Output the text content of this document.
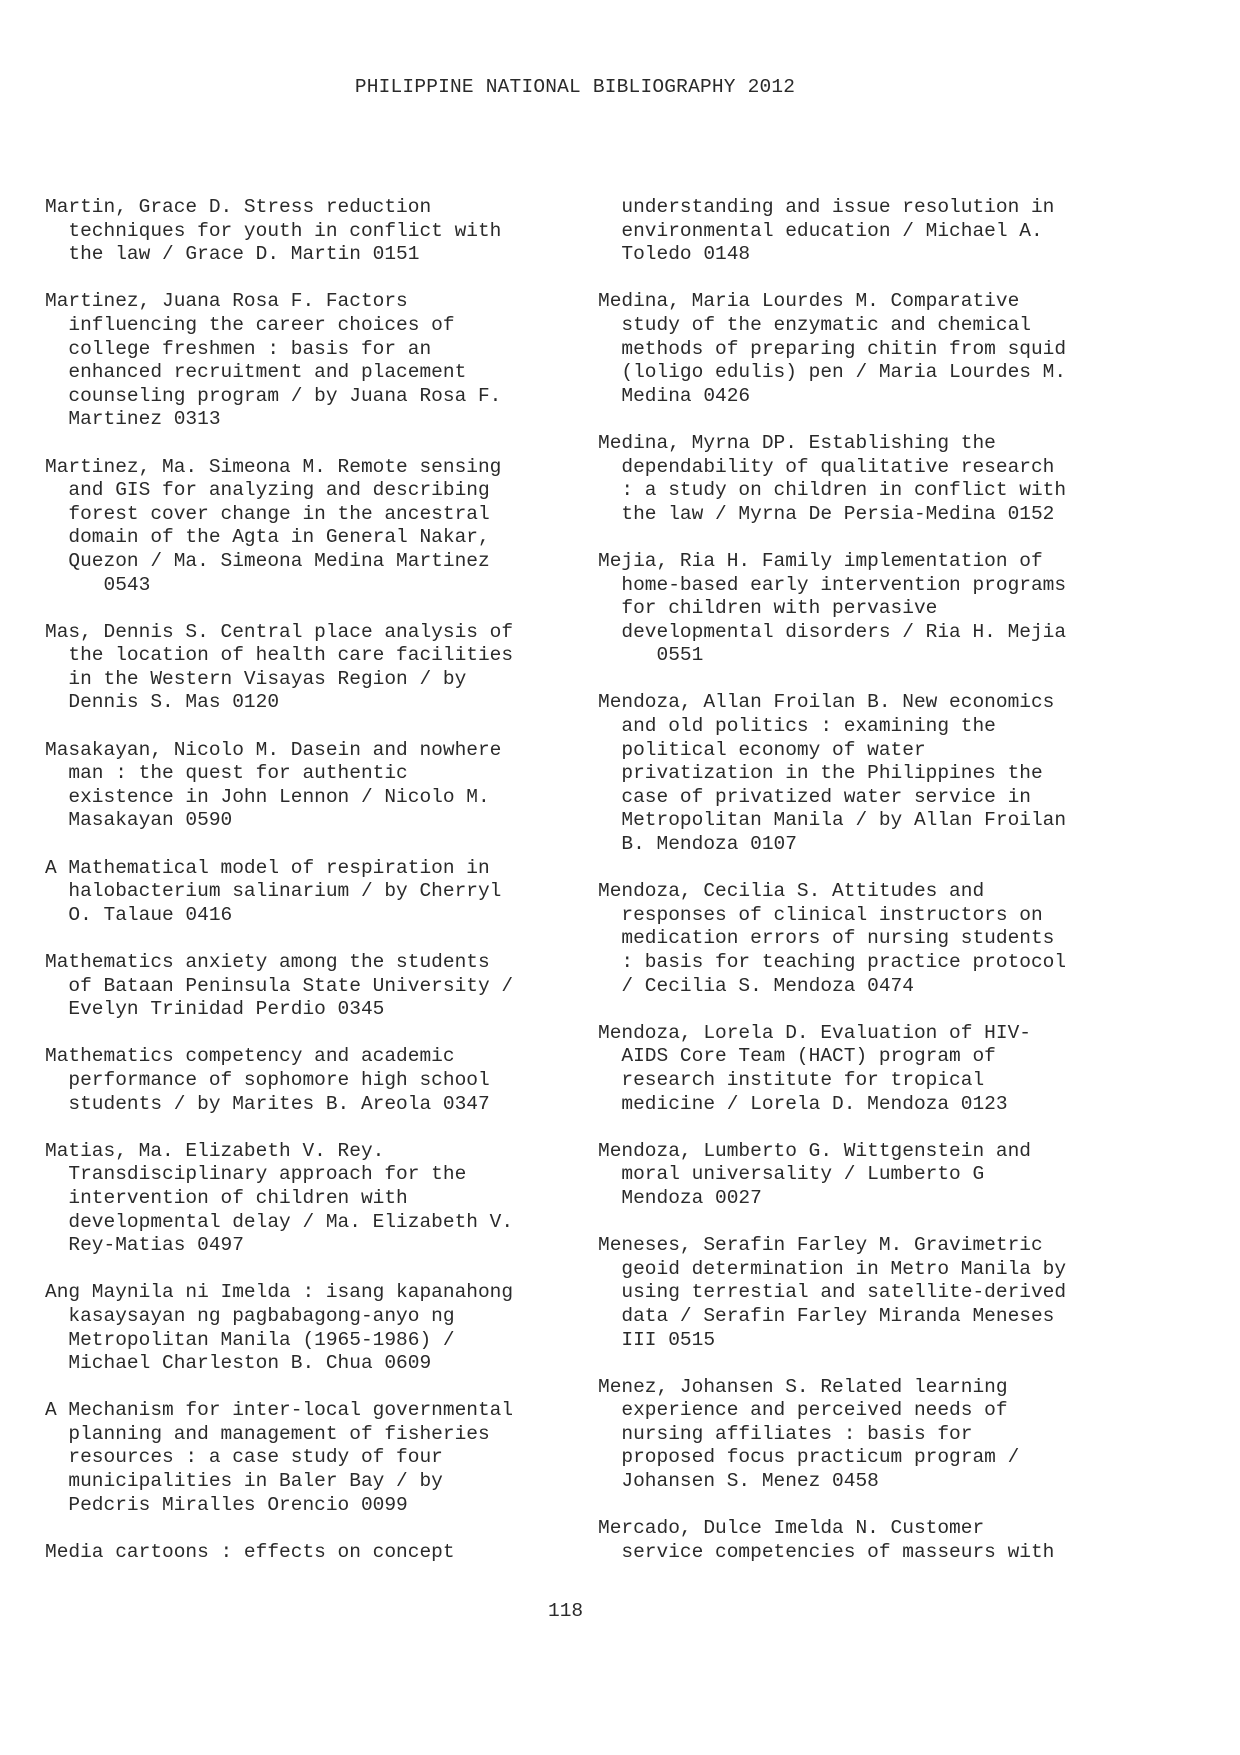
PHILIPPINE NATIONAL BIBLIOGRAPHY 2012

Martin, Grace D. Stress reduction
techniques for youth in conflict with
the law / Grace D. Martin 0151

Martinez, Juana Rosa F. Factors
influencing the career choices of
college freshmen : basis for an
enhanced recruitment and placement
counseling program / by Juana Rosa F.
Martinez 0313

Martinez, Ma. Simeona M. Remote sensing
and GIS for analyzing and describing
forest cover change in the ancestral
domain of the Agta in General Nakar,
Quezon / Ma. Simeona Medina Martinez
0543

Mas, Dennis S. Central place analysis of
the location of health care facilities
in the Western Visayas Region / by
Dennis S. Mas 0120

Masakayan, Nicolo M. Dasein and nowhere
man : the quest for authentic
existence in John Lennon / Nicolo M.
Masakayan 0590

A Mathematical model of respiration in
halobacterium salinarium / by Cherryl
O. Talaue 0416

Mathematics anxiety among the students
of Bataan Peninsula State University /
Evelyn Trinidad Perdio 0345

Mathematics competency and academic
performance of sophomore high school
students / by Marites B. Areola 0347

Matias, Ma. Elizabeth V. Rey.
Transdisciplinary approach for the
intervention of children with
developmental delay / Ma. Elizabeth V.
Rey-Matias 0497

Ang Maynila ni Imelda : isang kapanahong
kasaysayan ng pagbabagong-anyo ng
Metropolitan Manila (1965-1986) /
Michael Charleston B. Chua 0609

A Mechanism for inter-local governmental
planning and management of fisheries
resources : a case study of four
municipalities in Baler Bay / by
Pedcris Miralles Orencio 0099

Media cartoons : effects on concept

understanding and issue resolution in
environmental education / Michael A.
Toledo 0148

Medina, Maria Lourdes M. Comparative
study of the enzymatic and chemical
methods of preparing chitin from squid
(loligo edulis) pen / Maria Lourdes M.
Medina 0426

Medina, Myrna DP. Establishing the
dependability of qualitative research
: a study on children in conflict with
the law / Myrna De Persia-Medina 0152

Mejia, Ria H. Family implementation of
home-based early intervention programs
for children with pervasive
developmental disorders / Ria H. Mejia
0551

Mendoza, Allan Froilan B. New economics
and old politics : examining the
political economy of water
privatization in the Philippines the
case of privatized water service in
Metropolitan Manila / by Allan Froilan
B. Mendoza 0107

Mendoza, Cecilia S. Attitudes and
responses of clinical instructors on
medication errors of nursing students
: basis for teaching practice protocol
/ Cecilia S. Mendoza 0474

Mendoza, Lorela D. Evaluation of HIV-
AIDS Core Team (HACT) program of
research institute for tropical
medicine / Lorela D. Mendoza 0123

Mendoza, Lumberto G. Wittgenstein and
moral universality / Lumberto G
Mendoza 0027

Meneses, Serafin Farley M. Gravimetric
geoid determination in Metro Manila by
using terrestial and satellite-derived
data / Serafin Farley Miranda Meneses
III 0515

Menez, Johansen S. Related learning
experience and perceived needs of
nursing affiliates : basis for
proposed focus practicum program /
Johansen S. Menez 0458

Mercado, Dulce Imelda N. Customer
service competencies of masseurs with

118
